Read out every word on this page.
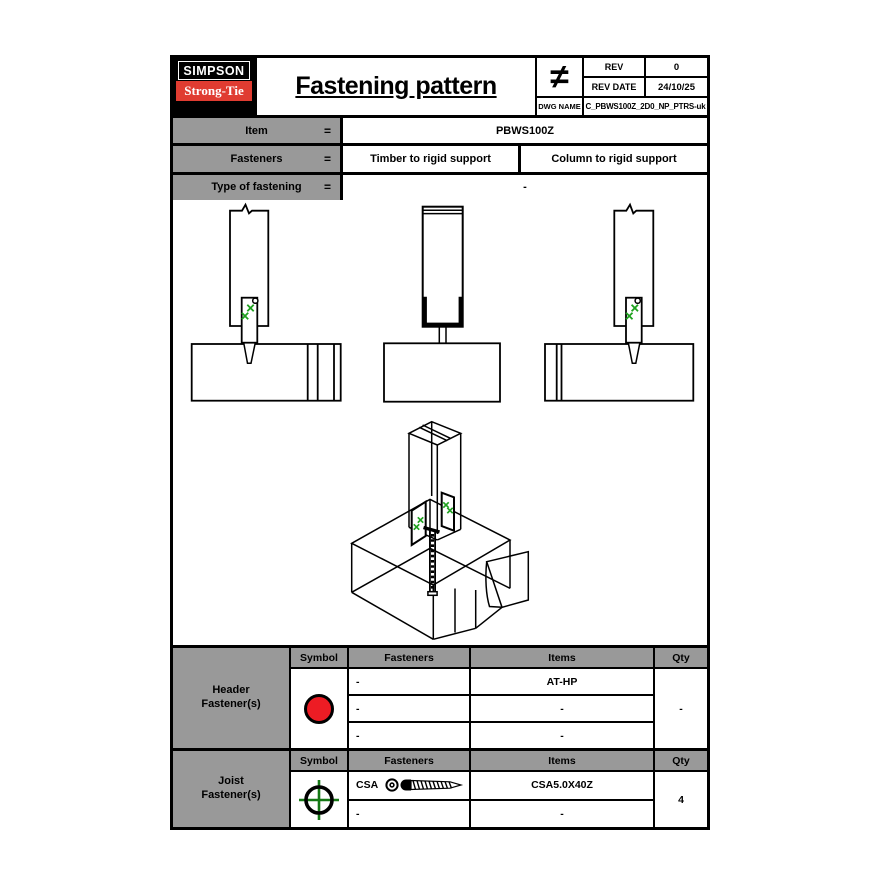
SIMPSON
Strong-Tie	Fastening pattern	≠	REV	0
REV DATE	24/10/25
DWG NAME C_PBWS100Z_2D0_NP_PTRS-uk
Item	=	PBWS100Z
Fasteners	=	Timber to rigid support	Column to rigid support
Type of fastening =	-
Header
Fastener(s)
Symbol	Fasteners	Items	Qty
-	AT-HP
-	-
-	-
-
Joist
Fastener(s)
Symbol	Fasteners	Items	Qty
CSA	CSA5.0X40Z
-	-
4
